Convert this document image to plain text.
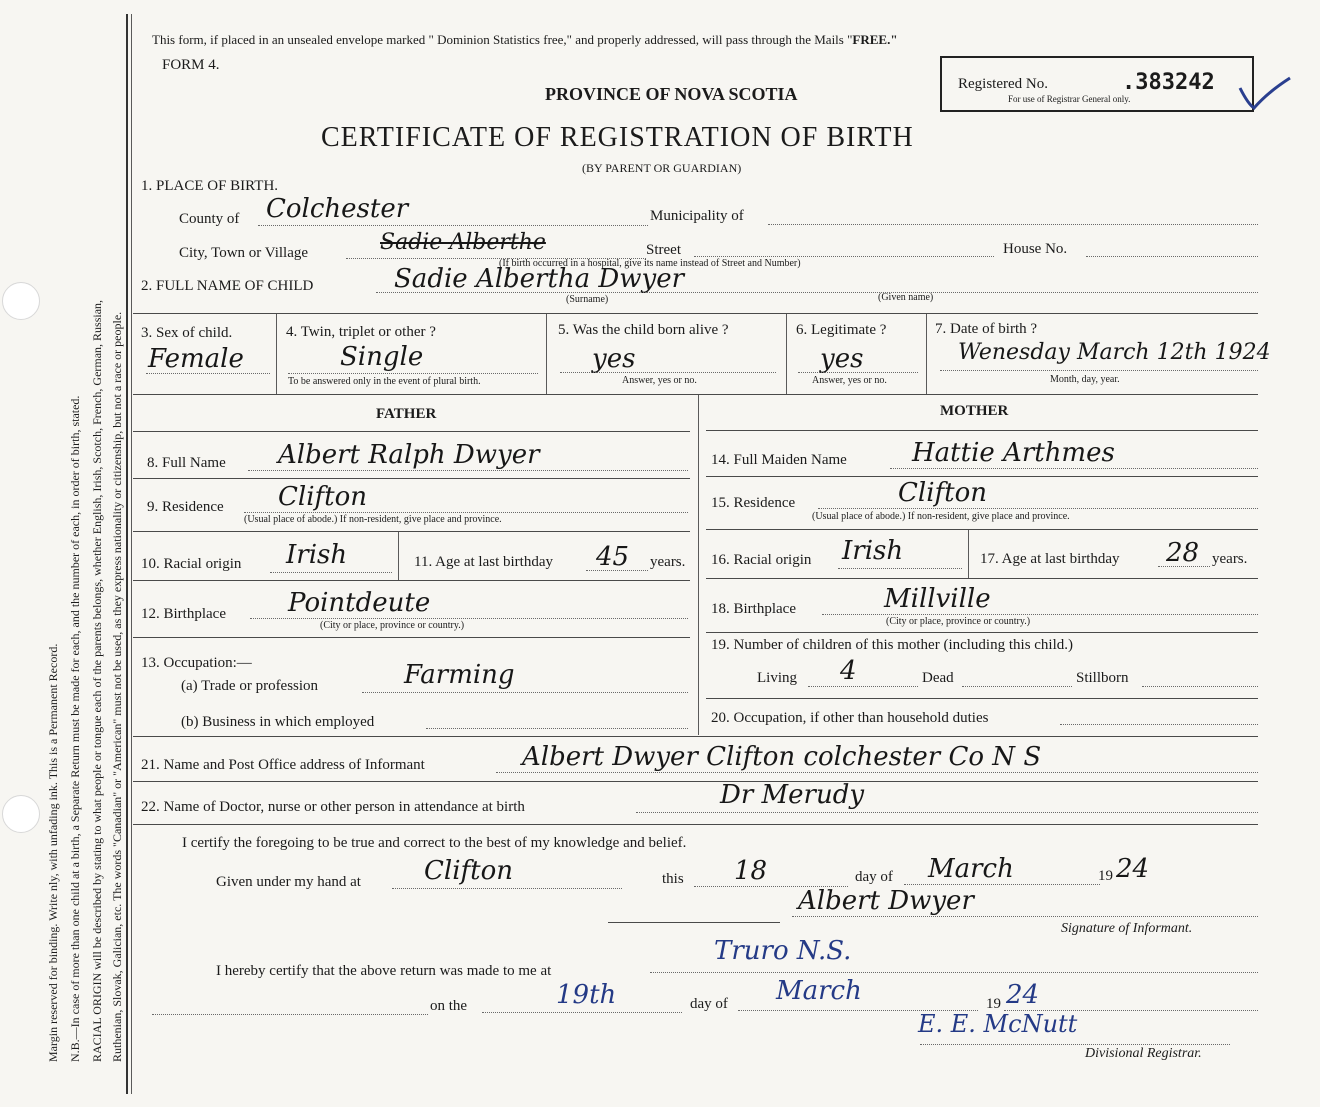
Margin reserved for binding. Write nly, with unfading ink. This is a Permanent Record. N.B.—In case of more than one child at a birth, a Separate Return must be made for each, and the number of each, in order of birth, stated. RACIAL ORIGIN will be described by stating to what people or tongue each of the parents belongs, whether English, Irish, Scotch, French, German, Russian, Ruthenian, Slovak, Galician, etc. The words "Canadian" or "American" must not be used, as they express nationality or citizenship, but not a race or people.
This form, if placed in an unsealed envelope marked " Dominion Statistics free," and properly addressed, will pass through the Mails "FREE."
FORM 4.
PROVINCE OF NOVA SCOTIA
CERTIFICATE OF REGISTRATION OF BIRTH
(BY PARENT OR GUARDIAN)
Registered No.	.383242
For use of Registrar General only.
1. PLACE OF BIRTH.
County of Colchester	Municipality of
City, Town or Village	Sadie Alberthe	Street
(If birth occurred in a hospital, give its name instead of Street and Number)
House No.
2. FULL NAME OF CHILD	Sadie Albertha Dwyer
(Surname)	(Given name)
3. Sex of child.
Female
4. Twin, triplet or other ?
Single
To be answered only in the event of plural birth.
5. Was the child born alive ?
yes
Answer, yes or no.
6. Legitimate ?
yes
Answer, yes or no.
7. Date of birth ?
Wenesday March 12th 1924
Month, day, year.
FATHER	MOTHER
8. Full Name Albert Ralph Dwyer
9. Residence Clifton
(Usual place of abode.) If non-resident, give place and province.
10. Racial origin Irish	11. Age at last birthday 45 years.
12. Birthplace Pointdeute
(City or place, province or country.)
13. Occupation:—
(a) Trade or profession	Farming
(b) Business in which employed
14. Full Maiden Name	Hattie Arthmes
15. Residence	Clifton
(Usual place of abode.) If non-resident, give place and province.
16. Racial origin Irish	17. Age at last birthday 28 years.
18. Birthplace	Millville
(City or place, province or country.)
19. Number of children of this mother (including this child.)
Living 4	Dead	Stillborn
20. Occupation, if other than household duties
21. Name and Post Office address of Informant	Albert Dwyer Clifton colchester Co N S
22. Name of Doctor, nurse or other person in attendance at birth	Dr Merudy
I certify the foregoing to be true and correct to the best of my knowledge and belief.
Given under my hand at Clifton	this 18	day of March	19 24
Albert Dwyer
Signature of Informant.
I hereby certify that the above return was made to me at
Truro N.S.
on the	19th	day of March	19 24
E. E. McNutt
Divisional Registrar.
